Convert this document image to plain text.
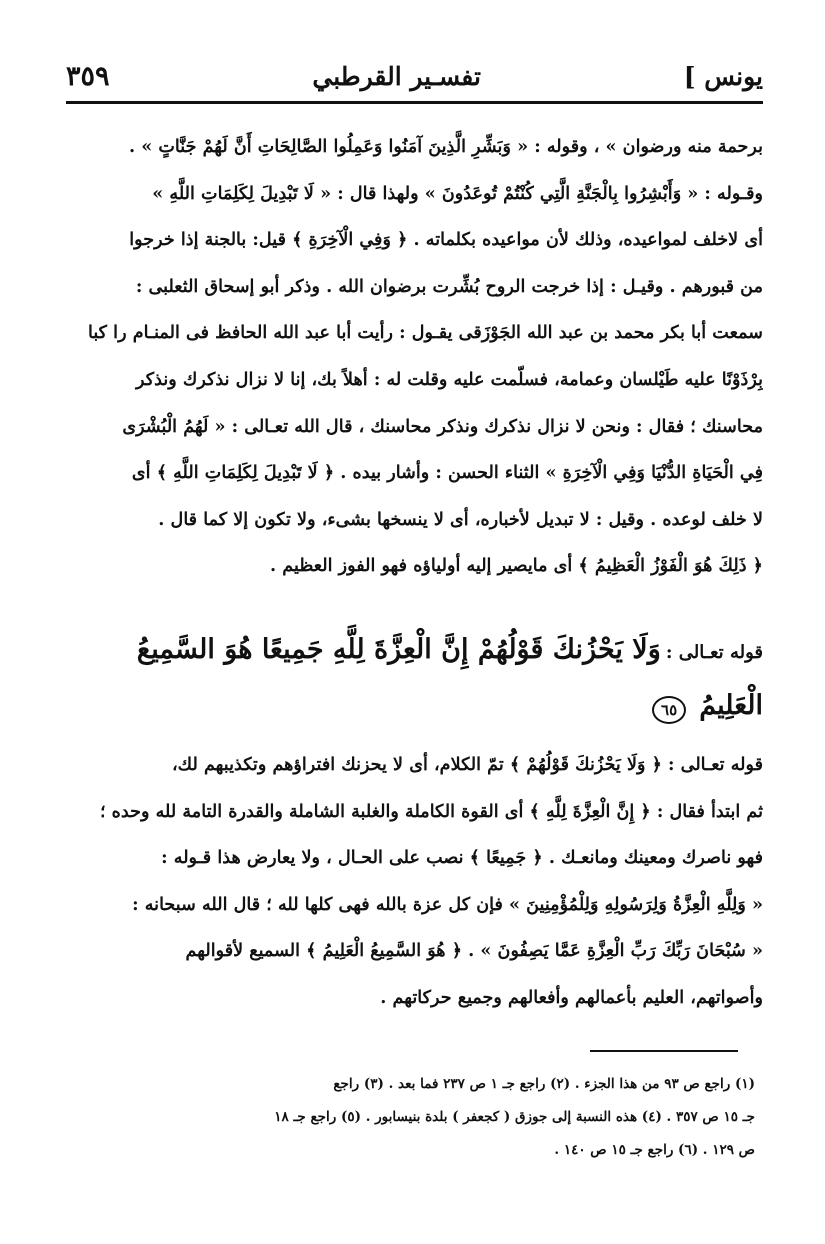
يونس ]
تفسـير القرطبي
٣٥٩
برحمة منه ورضوان » ، وقوله : « وَبَشِّرِ الَّذِينَ آمَنُوا وَعَمِلُوا الصَّالِحَاتِ أَنَّ لَهُمْ جَنَّاتٍ » .
وقـوله : « وَأَبْشِرُوا بِالْجَنَّةِ الَّتِي كُنْتُمْ تُوعَدُونَ » ولهذا قال : « لَا تَبْدِيلَ لِكَلِمَاتِ اللَّهِ »
أى لاخلف لمواعيده، وذلك لأن مواعيده بكلماته . ﴿ وَفِي الْآخِرَةِ ﴾ قيل: بالجنة إذا خرجوا
من قبورهم . وقيـل : إذا خرجت الروح بُشِّرت برضوان الله . وذكر أبو إسحاق الثعلبى :
سمعت أبا بكر محمد بن عبد الله الجَوْزَقى يقـول : رأيت أبا عبد الله الحافظ فى المنـام را كبا
بِرْذَوْنًا عليه طَيْلسان وعمامة، فسلّمت عليه وقلت له : أهلاً بك، إنا لا نزال نذكرك ونذكر
محاسنك ؛ فقال : ونحن لا نزال نذكرك ونذكر محاسنك ، قال الله تعـالى : « لَهُمُ الْبُشْرَى
فِي الْحَيَاةِ الدُّنْيَا وَفِي الْآخِرَةِ » الثناء الحسن : وأشار بيده . ﴿ لَا تَبْدِيلَ لِكَلِمَاتِ اللَّهِ ﴾ أى
لا خلف لوعده . وقيل : لا تبديل لأخباره، أى لا ينسخها بشىء، ولا تكون إلا كما قال .
﴿ ذَلِكَ هُوَ الْفَوْزُ الْعَظِيمُ ﴾ أى مايصير إليه أولياؤه فهو الفوز العظيم .
قوله تعـالى : وَلَا يَحْزُنكَ قَوْلُهُمْ إِنَّ الْعِزَّةَ لِلَّهِ جَمِيعًا هُوَ السَّمِيعُ
الْعَلِيمُ ٦٥
قوله تعـالى : ﴿ وَلَا يَحْزُنكَ قَوْلُهُمْ ﴾ تمّ الكلام، أى لا يحزنك افتراؤهم وتكذيبهم لك،
ثم ابتدأ فقال : ﴿ إِنَّ الْعِزَّةَ لِلَّهِ ﴾ أى القوة الكاملة والغلبة الشاملة والقدرة التامة لله وحده ؛
فهو ناصرك ومعينك ومانعـك . ﴿ جَمِيعًا ﴾ نصب على الحـال ، ولا يعارض هذا قـوله :
« وَلِلَّهِ الْعِزَّةُ وَلِرَسُولِهِ وَلِلْمُؤْمِنِينَ » فإن كل عزة بالله فهى كلها لله ؛ قال الله سبحانه :
« سُبْحَانَ رَبِّكَ رَبِّ الْعِزَّةِ عَمَّا يَصِفُونَ » . ﴿ هُوَ السَّمِيعُ الْعَلِيمُ ﴾ السميع لأقوالهم
وأصواتهم، العليم بأعمالهم وأفعالهم وجميع حركاتهم .
(١) راجع ص ٩٣ من هذا الجزء . (٢) راجع جـ ١ ص ٢٣٧ فما بعد . (٣) راجع
جـ ١٥ ص ٣٥٧ . (٤) هذه النسبة إلى جوزق ( كجعفر ) بلدة بنيسابور . (٥) راجع جـ ١٨
ص ١٢٩ . (٦) راجع جـ ١٥ ص ١٤٠ .
